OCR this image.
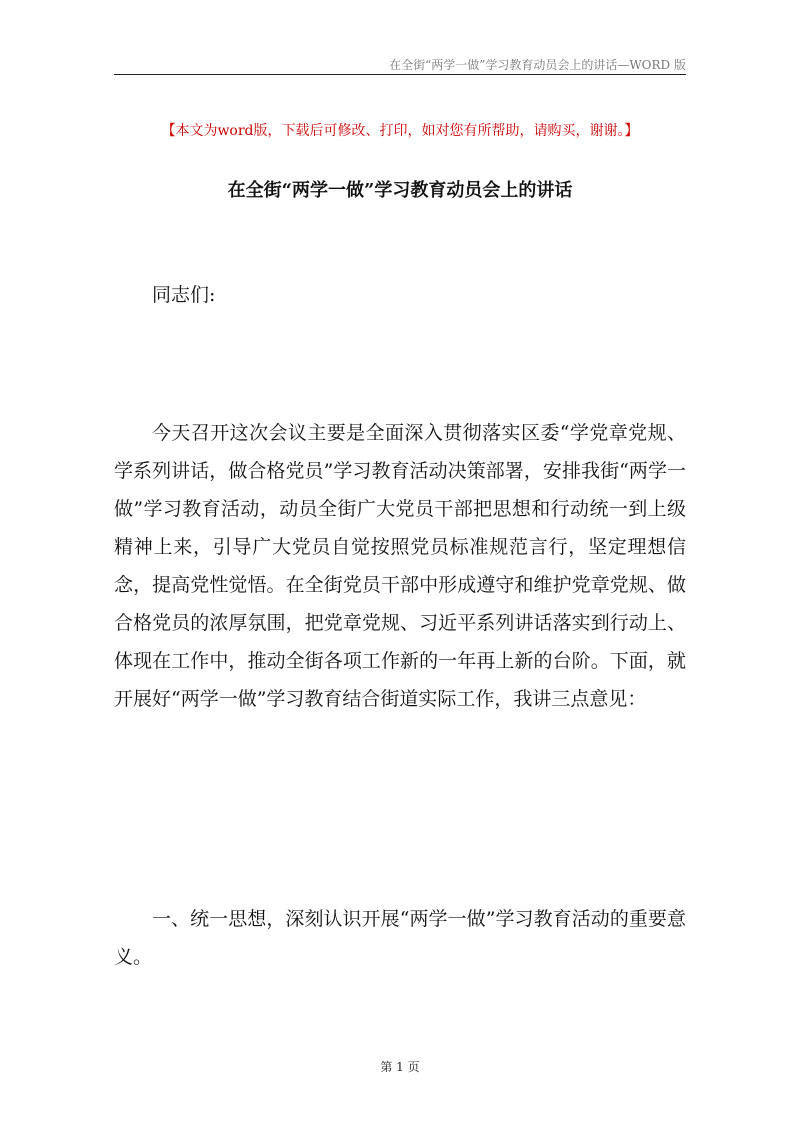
在全街“两学一做”学习教育动员会上的讲话—WORD 版
【本文为word版，下载后可修改、打印，如对您有所帮助，请购买，谢谢。】
在全街“两学一做”学习教育动员会上的讲话

同志们:

今天召开这次会议主要是全面深入贯彻落实区委“学党章党规、学系列讲话，做合格党员”学习教育活动决策部署，安排我街“两学一做”学习教育活动，动员全街广大党员干部把思想和行动统一到上级精神上来，引导广大党员自觉按照党员标准规范言行，坚定理想信念，提高党性觉悟。在全街党员干部中形成遵守和维护党章党规、做合格党员的浓厚氛围，把党章党规、习近平系列讲话落实到行动上、体现在工作中，推动全街各项工作新的一年再上新的台阶。下面，就开展好“两学一做”学习教育结合街道实际工作，我讲三点意见：

一、统一思想，深刻认识开展“两学一做”学习教育活动的重要意义。

第 1 页
